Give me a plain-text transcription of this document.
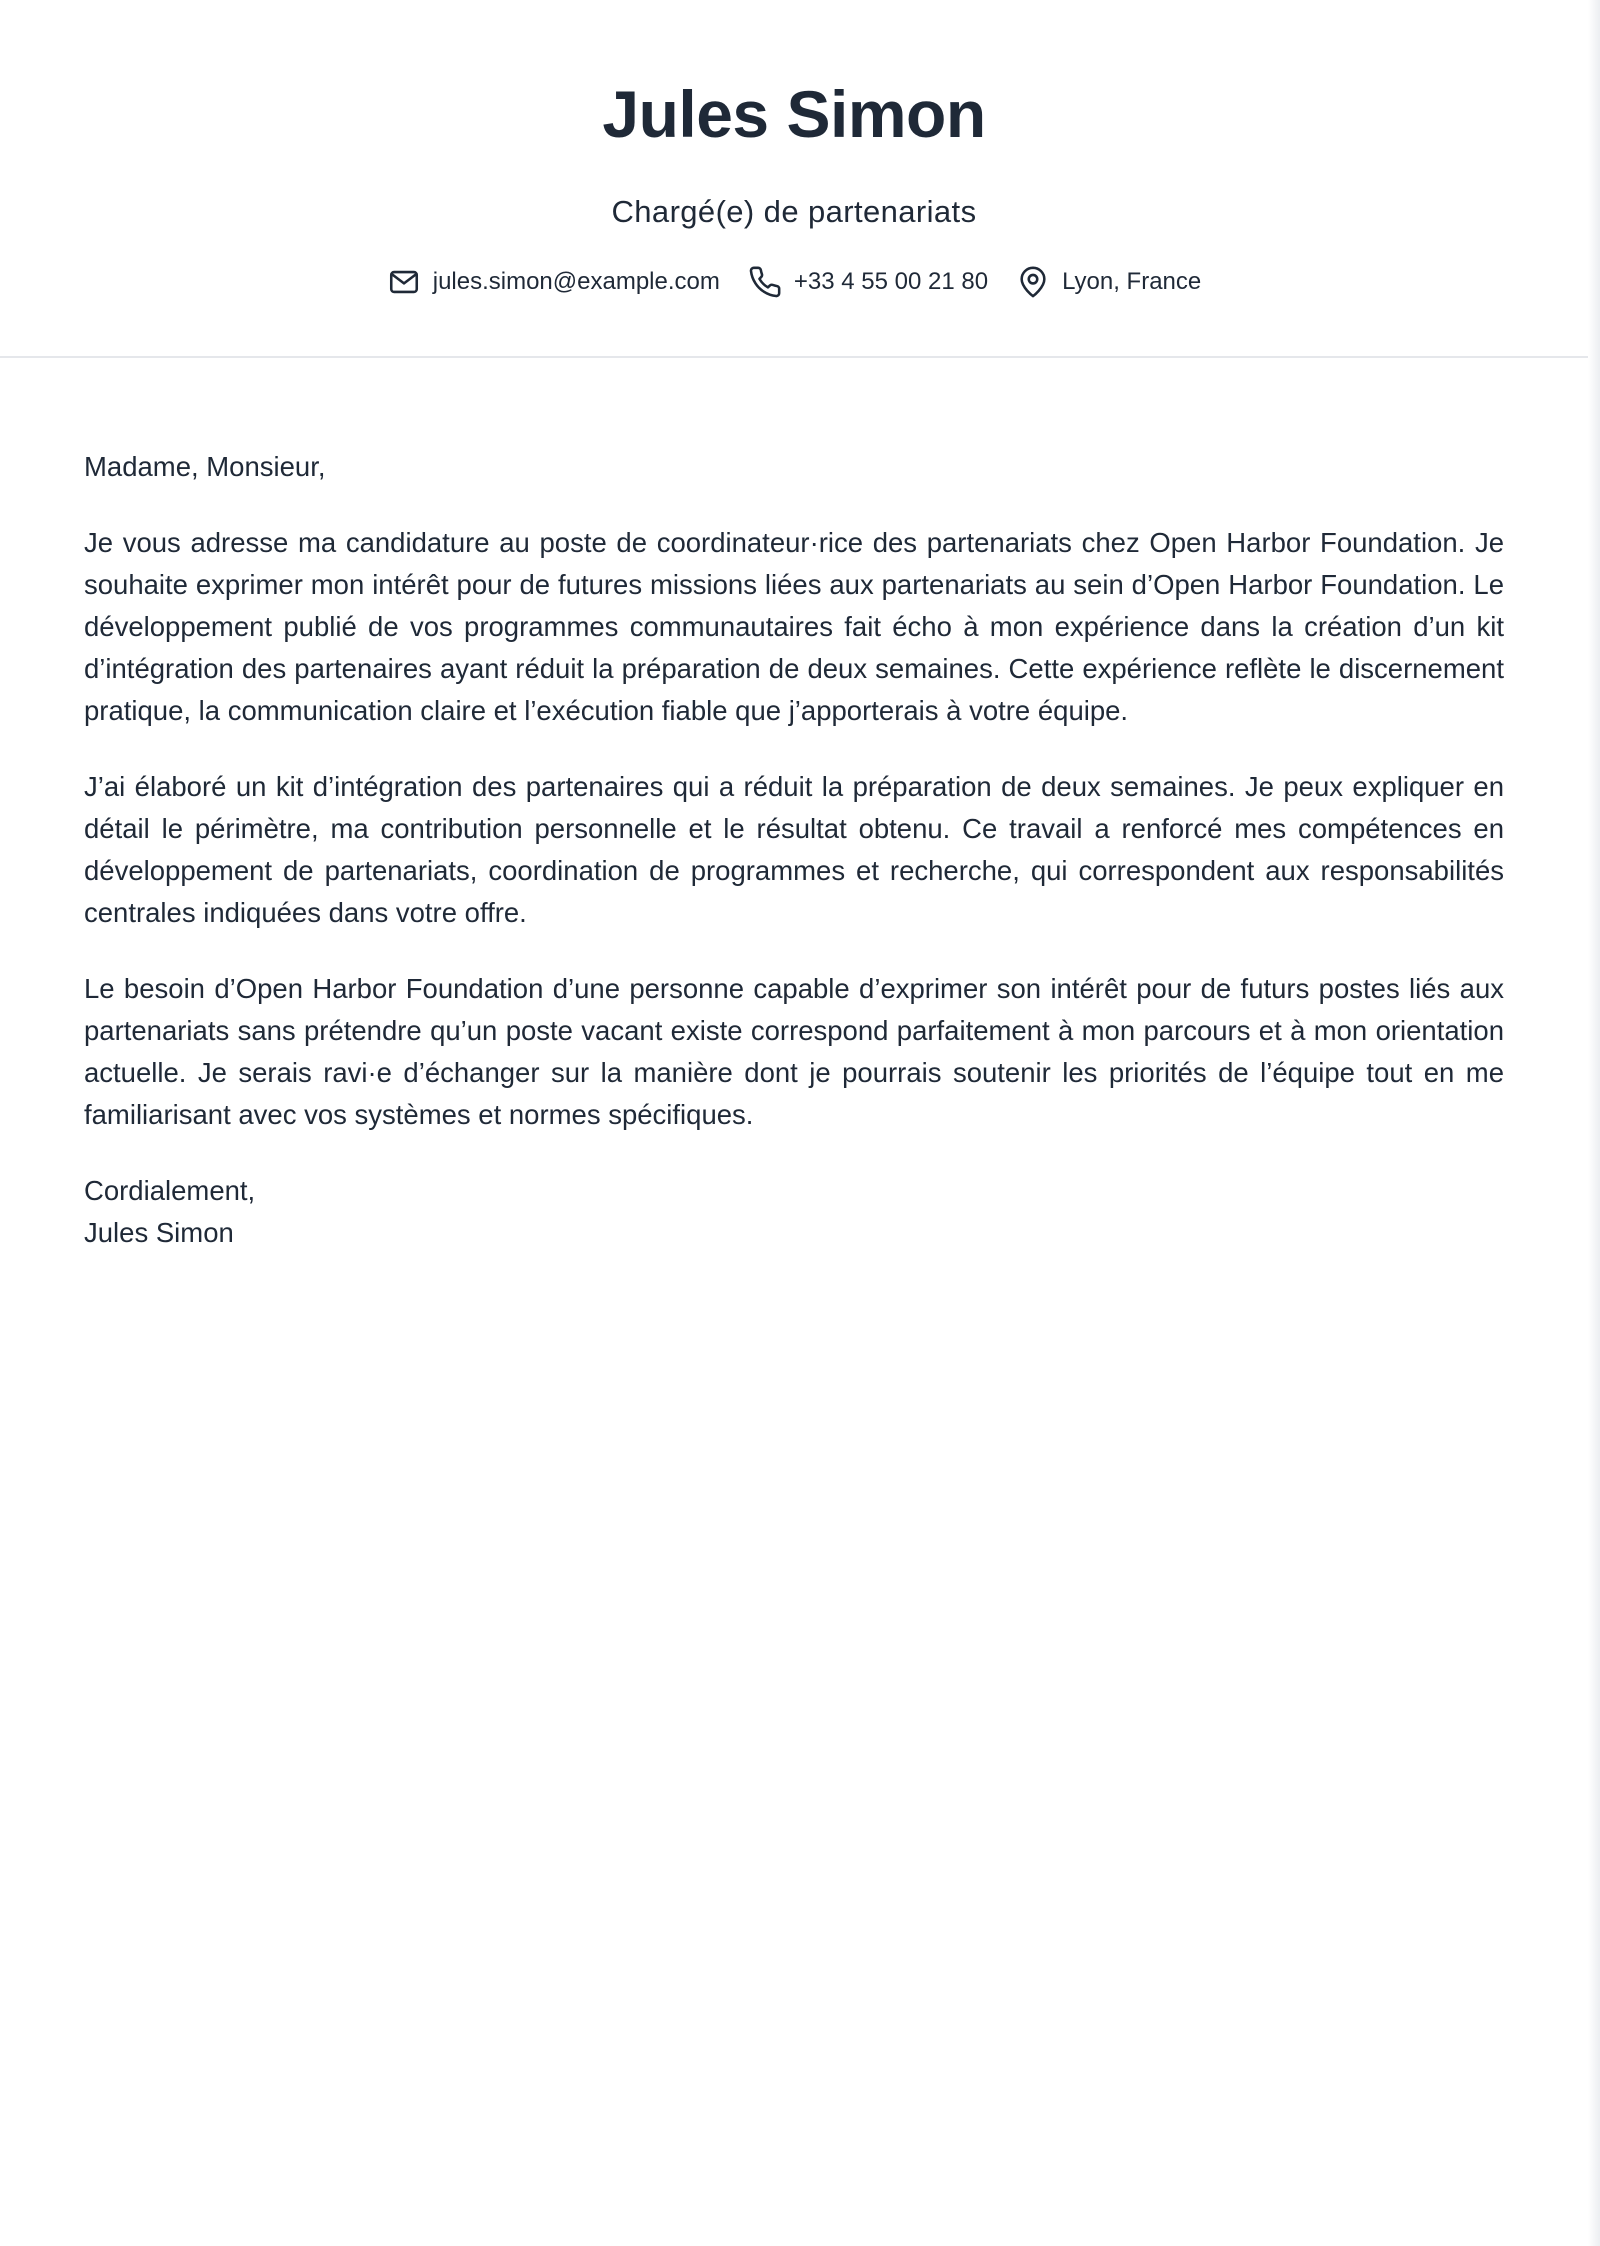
Jules Simon
Chargé(e) de partenariats
jules.simon@example.com	+33 4 55 00 21 80	Lyon, France

Madame, Monsieur,

Je vous adresse ma candidature au poste de coordinateur·rice des partenariats chez Open Harbor Foundation. Je souhaite exprimer mon intérêt pour de futures missions liées aux partenariats au sein d’Open Harbor Foundation. Le développement publié de vos programmes communautaires fait écho à mon expérience dans la création d’un kit d’intégration des partenaires ayant réduit la préparation de deux semaines. Cette expérience reflète le discernement pratique, la communication claire et l’exécution fiable que j’apporterais à votre équipe.

J’ai élaboré un kit d’intégration des partenaires qui a réduit la préparation de deux semaines. Je peux expliquer en détail le périmètre, ma contribution personnelle et le résultat obtenu. Ce travail a renforcé mes compétences en développement de partenariats, coordination de programmes et recherche, qui correspondent aux responsabilités centrales indiquées dans votre offre.

Le besoin d’Open Harbor Foundation d’une personne capable d’exprimer son intérêt pour de futurs postes liés aux partenariats sans prétendre qu’un poste vacant existe correspond parfaitement à mon parcours et à mon orientation actuelle. Je serais ravi·e d’échanger sur la manière dont je pourrais soutenir les priorités de l’équipe tout en me familiarisant avec vos systèmes et normes spécifiques.

Cordialement,
Jules Simon
